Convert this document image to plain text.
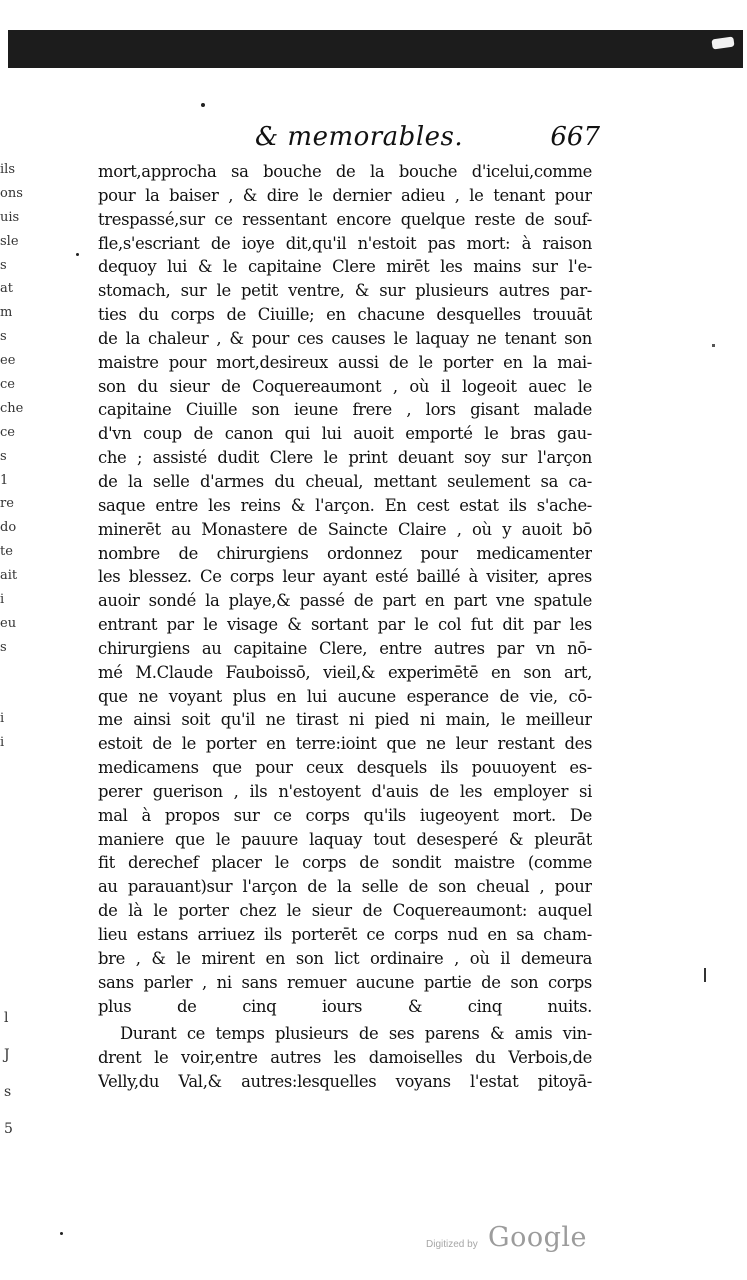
& memorables.	667
ils
ons
uis
sle
s
at
m
s
ee
ce
che
ce
s
1
re
do
te
ait
i
eu
s
i
i
l
J
s
5
mort,approcha sa bouche de la bouche d'icelui,comme
pour la baiser , & dire le dernier adieu , le tenant pour
trespassé,sur ce ressentant encore quelque reste de souf-
fle,s'escriant de ioye dit,qu'il n'estoit pas mort: à raison
dequoy lui & le capitaine Clere mirēt les mains sur l'e-
stomach, sur le petit ventre, & sur plusieurs autres par-
ties du corps de Ciuille; en chacune desquelles trouuāt
de la chaleur , & pour ces causes le laquay ne tenant son
maistre pour mort,desireux aussi de le porter en la mai-
son du sieur de Coquereaumont , où il logeoit auec le
capitaine Ciuille son ieune frere , lors gisant malade
d'vn coup de canon qui lui auoit emporté le bras gau-
che ; assisté dudit Clere le print deuant soy sur l'arçon
de la selle d'armes du cheual, mettant seulement sa ca-
saque entre les reins & l'arçon. En cest estat ils s'ache-
minerēt au Monastere de Saincte Claire , où y auoit bō
nombre de chirurgiens ordonnez pour medicamenter
les blessez. Ce corps leur ayant esté baillé à visiter, apres
auoir sondé la playe,& passé de part en part vne spatule
entrant par le visage & sortant par le col fut dit par les
chirurgiens au capitaine Clere, entre autres par vn nō-
mé M.Claude Fauboissō, vieil,& experimētē en son art,
que ne voyant plus en lui aucune esperance de vie, cō-
me ainsi soit qu'il ne tirast ni pied ni main, le meilleur
estoit de le porter en terre:ioint que ne leur restant des
medicamens que pour ceux desquels ils pouuoyent es-
perer guerison , ils n'estoyent d'auis de les employer si
mal à propos sur ce corps qu'ils iugeoyent mort. De
maniere que le pauure laquay tout desesperé & pleurāt
fit derechef placer le corps de sondit maistre (comme
au parauant)sur l'arçon de la selle de son cheual , pour
de là le porter chez le sieur de Coquereaumont: auquel
lieu estans arriuez ils porterēt ce corps nud en sa cham-
bre , & le mirent en son lict ordinaire , où il demeura
sans parler , ni sans remuer aucune partie de son corps
plus de cinq iours & cinq nuits.
Durant ce temps plusieurs de ses parens & amis vin-
drent le voir,entre autres les damoiselles du Verbois,de
Velly,du Val,& autres:lesquelles voyans l'estat pitoyā-
Digitized by Google
